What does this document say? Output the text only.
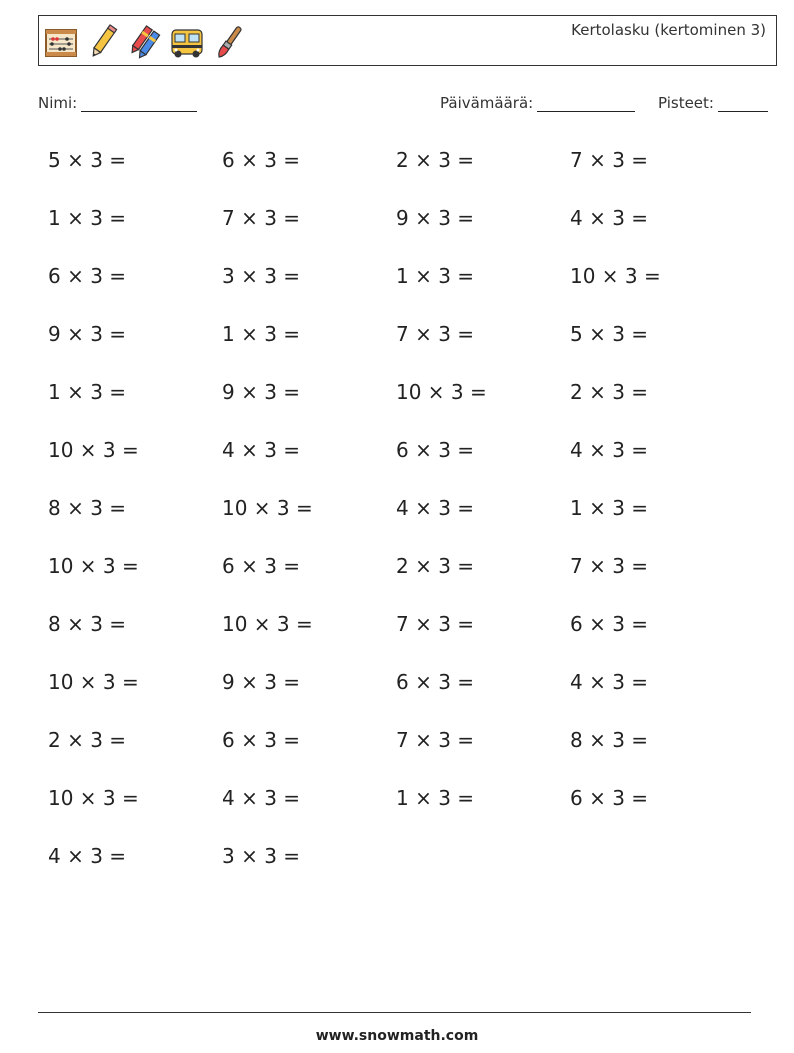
Kertolasku (kertominen 3)
Nimi:	Päivämäärä:	Pisteet:
5 × 3 =	6 × 3 =	2 × 3 =	7 × 3 =
1 × 3 =	7 × 3 =	9 × 3 =	4 × 3 =
6 × 3 =	3 × 3 =	1 × 3 =	10 × 3 =
9 × 3 =	1 × 3 =	7 × 3 =	5 × 3 =
1 × 3 =	9 × 3 =	10 × 3 =	2 × 3 =
10 × 3 =	4 × 3 =	6 × 3 =	4 × 3 =
8 × 3 =	10 × 3 =	4 × 3 =	1 × 3 =
10 × 3 =	6 × 3 =	2 × 3 =	7 × 3 =
8 × 3 =	10 × 3 =	7 × 3 =	6 × 3 =
10 × 3 =	9 × 3 =	6 × 3 =	4 × 3 =
2 × 3 =	6 × 3 =	7 × 3 =	8 × 3 =
10 × 3 =	4 × 3 =	1 × 3 =	6 × 3 =
4 × 3 =	3 × 3 =
www.snowmath.com
